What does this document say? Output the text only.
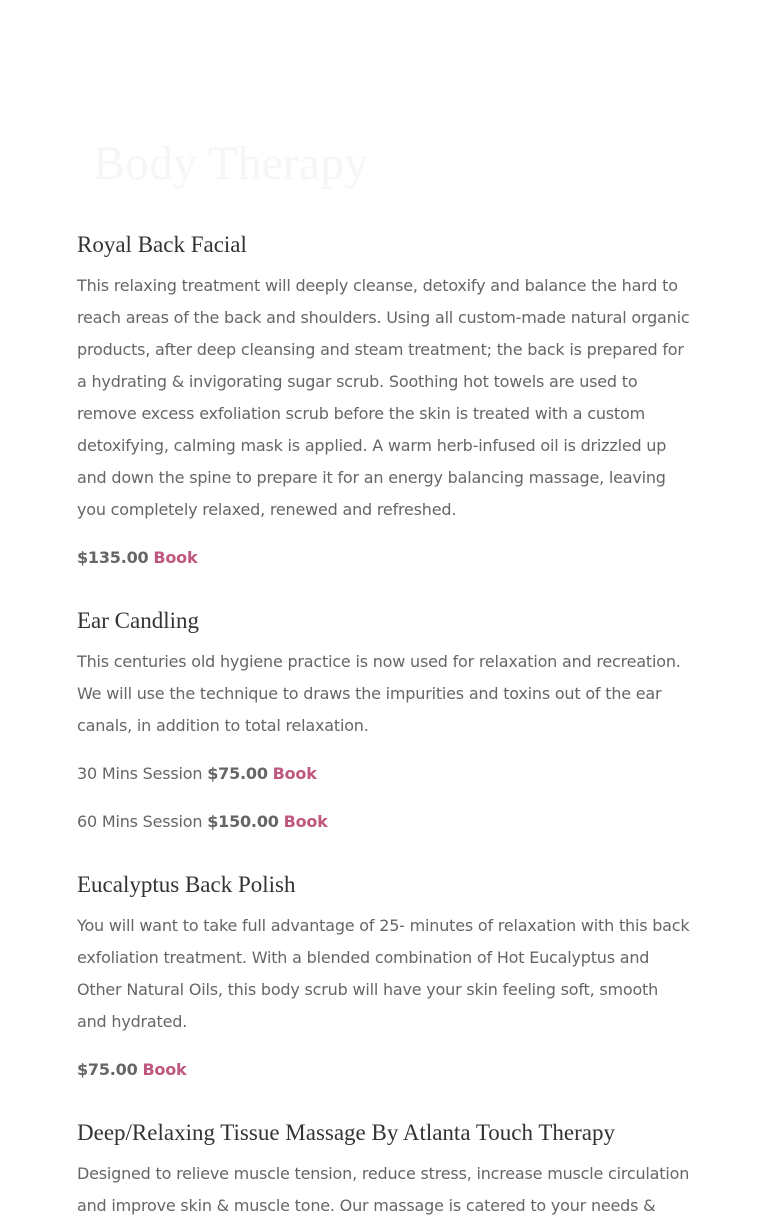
Body Therapy
Royal Back Facial

This relaxing treatment will deeply cleanse, detoxify and balance the hard to reach areas of the back and shoulders. Using all custom-made natural organic products, after deep cleansing and steam treatment; the back is prepared for a hydrating & invigorating sugar scrub. Soothing hot towels are used to remove excess exfoliation scrub before the skin is treated with a custom detoxifying, calming mask is applied. A warm herb-infused oil is drizzled up and down the spine to prepare it for an energy balancing massage, leaving you completely relaxed, renewed and refreshed.

$135.00 Book

Ear Candling

This centuries old hygiene practice is now used for relaxation and recreation. We will use the technique to draws the impurities and toxins out of the ear canals, in addition to total relaxation.

30 Mins Session $75.00 Book

60 Mins Session $150.00 Book

Eucalyptus Back Polish

You will want to take full advantage of 25- minutes of relaxation with this back exfoliation treatment. With a blended combination of Hot Eucalyptus and Other Natural Oils, this body scrub will have your skin feeling soft, smooth and hydrated.

$75.00 Book

Deep/Relaxing Tissue Massage By Atlanta Touch Therapy

Designed to relieve muscle tension, reduce stress, increase muscle circulation and improve skin & muscle tone. Our massage is catered to your needs &
